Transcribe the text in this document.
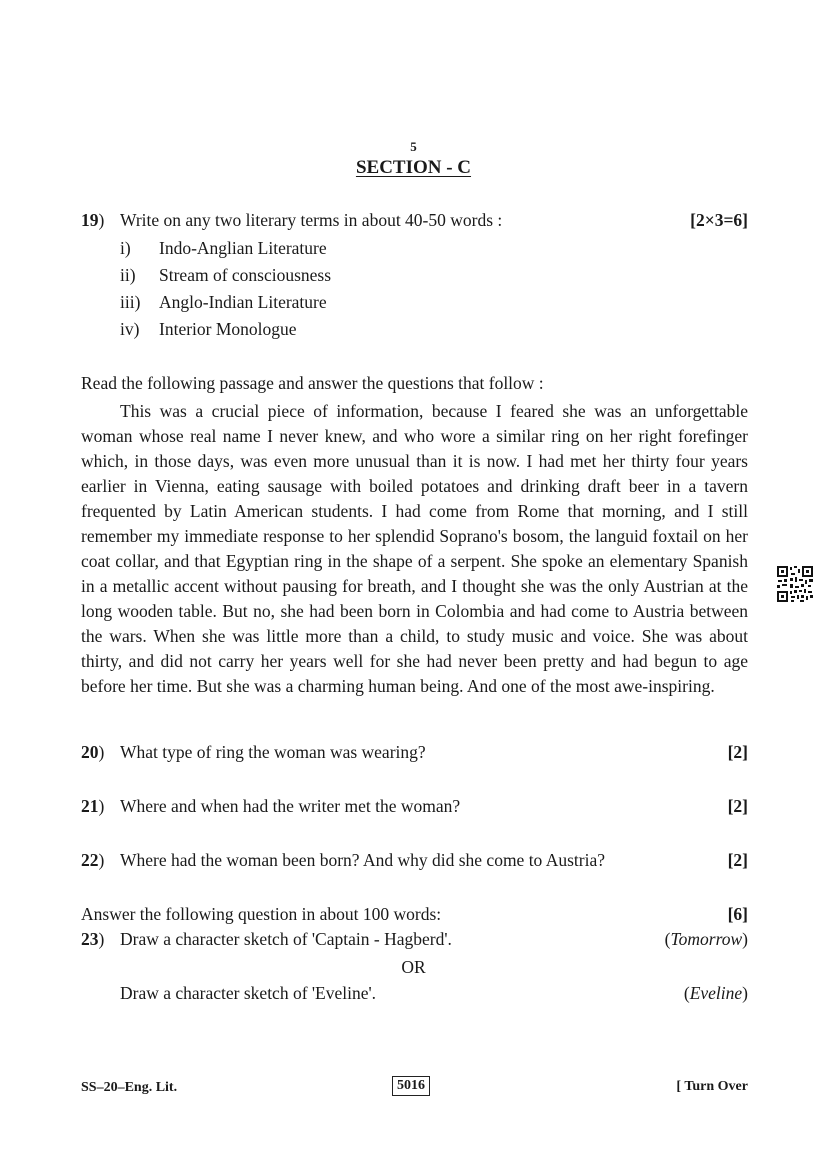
5
SECTION - C
19) Write on any two literary terms in about 40-50 words :	[2×3=6]
i) Indo-Anglian Literature
ii) Stream of consciousness
iii) Anglo-Indian Literature
iv) Interior Monologue
Read the following passage and answer the questions that follow :
This was a crucial piece of information, because I feared she was an unforgettable woman whose real name I never knew, and who wore a similar ring on her right forefinger which, in those days, was even more unusual than it is now. I had met her thirty four years earlier in Vienna, eating sausage with boiled potatoes and drinking draft beer in a tavern frequented by Latin American students. I had come from Rome that morning, and I still remember my immediate response to her splendid Soprano's bosom, the languid foxtail on her coat collar, and that Egyptian ring in the shape of a serpent. She spoke an elementary Spanish in a metallic accent without pausing for breath, and I thought she was the only Austrian at the long wooden table. But no, she had been born in Colombia and had come to Austria between the wars. When she was little more than a child, to study music and voice. She was about thirty, and did not carry her years well for she had never been pretty and had begun to age before her time. But she was a charming human being. And one of the most awe-inspiring.
20) What type of ring the woman was wearing?	[2]
21) Where and when had the writer met the woman?	[2]
22) Where had the woman been born? And why did she come to Austria?	[2]
Answer the following question in about 100 words:	[6]
23) Draw a character sketch of 'Captain - Hagberd'.	(Tomorrow)
OR
Draw a character sketch of 'Eveline'.	(Eveline)
SS–20–Eng. Lit.	5016	[ Turn Over
